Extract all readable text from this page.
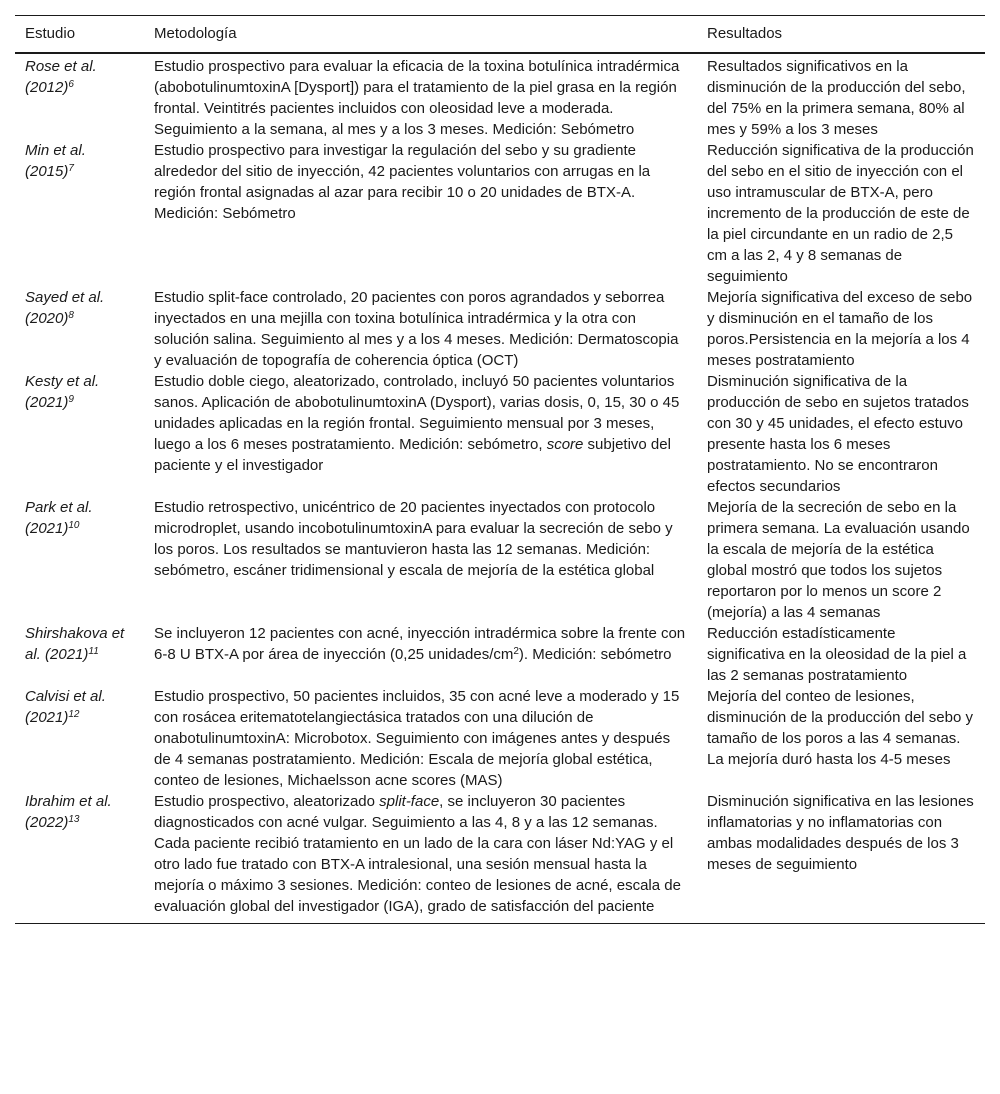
Estudio	Metodología	Resultados
Rose et al. $(2012)^6$	Estudio prospectivo para evaluar la eficacia de la toxina botulínica intradérmica (abobotulinumtoxinA [Dysport]) para el tratamiento de la piel grasa en la región frontal. Veintitrés pacientes incluidos con oleosidad leve a moderada. Seguimiento a la semana, al mes y a los 3 meses. Medición: Sebómetro	Resultados significativos en la disminución de la producción del sebo, del 75% en la primera semana, 80% al mes y 59% a los 3 meses
Min et al. $(2015)^7$	Estudio prospectivo para investigar la regulación del sebo y su gradiente alrededor del sitio de inyección, 42 pacientes voluntarios con arrugas en la región frontal asignadas al azar para recibir 10 o 20 unidades de BTX-A. Medición: Sebómetro	Reducción significativa de la producción del sebo en el sitio de inyección con el uso intramuscular de BTX-A, pero incremento de la producción de este de la piel circundante en un radio de 2,5 cm a las 2, 4 y 8 semanas de seguimiento
Sayed et al. $(2020)^8$	Estudio split-face controlado, 20 pacientes con poros agrandados y seborrea inyectados en una mejilla con toxina botulínica intradérmica y la otra con solución salina. Seguimiento al mes y a los 4 meses. Medición: Dermatoscopia y evaluación de topografía de coherencia óptica (OCT)	Mejoría significativa del exceso de sebo y disminución en el tamaño de los poros.Persistencia en la mejoría a los 4 meses postratamiento
Kesty et al. $(2021)^9$	Estudio doble ciego, aleatorizado, controlado, incluyó 50 pacientes voluntarios sanos. Aplicación de abobotulinumtoxinA (Dysport), varias dosis, 0, 15, 30 o 45 unidades aplicadas en la región frontal. Seguimiento mensual por 3 meses, luego a los 6 meses postratamiento. Medición: sebómetro, score subjetivo del paciente y el investigador	Disminución significativa de la producción de sebo en sujetos tratados con 30 y 45 unidades, el efecto estuvo presente hasta los 6 meses postratamiento. No se encontraron efectos secundarios
Park et al. $(2021)^{10}$	Estudio retrospectivo, unicéntrico de 20 pacientes inyectados con protocolo microdroplet, usando incobotulinumtoxinA para evaluar la secreción de sebo y los poros. Los resultados se mantuvieron hasta las 12 semanas. Medición: sebómetro, escáner tridimensional y escala de mejoría de la estética global	Mejoría de la secreción de sebo en la primera semana. La evaluación usando la escala de mejoría de la estética global mostró que todos los sujetos reportaron por lo menos un score 2 (mejoría) a las 4 semanas
Shirshakova et al. $(2021)^{11}$	Se incluyeron 12 pacientes con acné, inyección intradérmica sobre la frente con 6-8 U BTX-A por área de inyección (0,25 unidades/$cm^2$). Medición: sebómetro	Reducción estadísticamente significativa en la oleosidad de la piel a las 2 semanas postratamiento
Calvisi et al. $(2021)^{12}$	Estudio prospectivo, 50 pacientes incluidos, 35 con acné leve a moderado y 15 con rosácea eritematotelangiectásica tratados con una dilución de onabotulinumtoxinA: Microbotox. Seguimiento con imágenes antes y después de 4 semanas postratamiento. Medición: Escala de mejoría global estética, conteo de lesiones, Michaelsson acne scores (MAS)	Mejoría del conteo de lesiones, disminución de la producción del sebo y tamaño de los poros a las 4 semanas. La mejoría duró hasta los 4-5 meses
Ibrahim et al. $(2022)^{13}$	Estudio prospectivo, aleatorizado split-face, se incluyeron 30 pacientes diagnosticados con acné vulgar. Seguimiento a las 4, 8 y a las 12 semanas. Cada paciente recibió tratamiento en un lado de la cara con láser Nd:YAG y el otro lado fue tratado con BTX-A intralesional, una sesión mensual hasta la mejoría o máximo 3 sesiones. Medición: conteo de lesiones de acné, escala de evaluación global del investigador (IGA), grado de satisfacción del paciente	Disminución significativa en las lesiones inflamatorias y no inflamatorias con ambas modalidades después de los 3 meses de seguimiento
